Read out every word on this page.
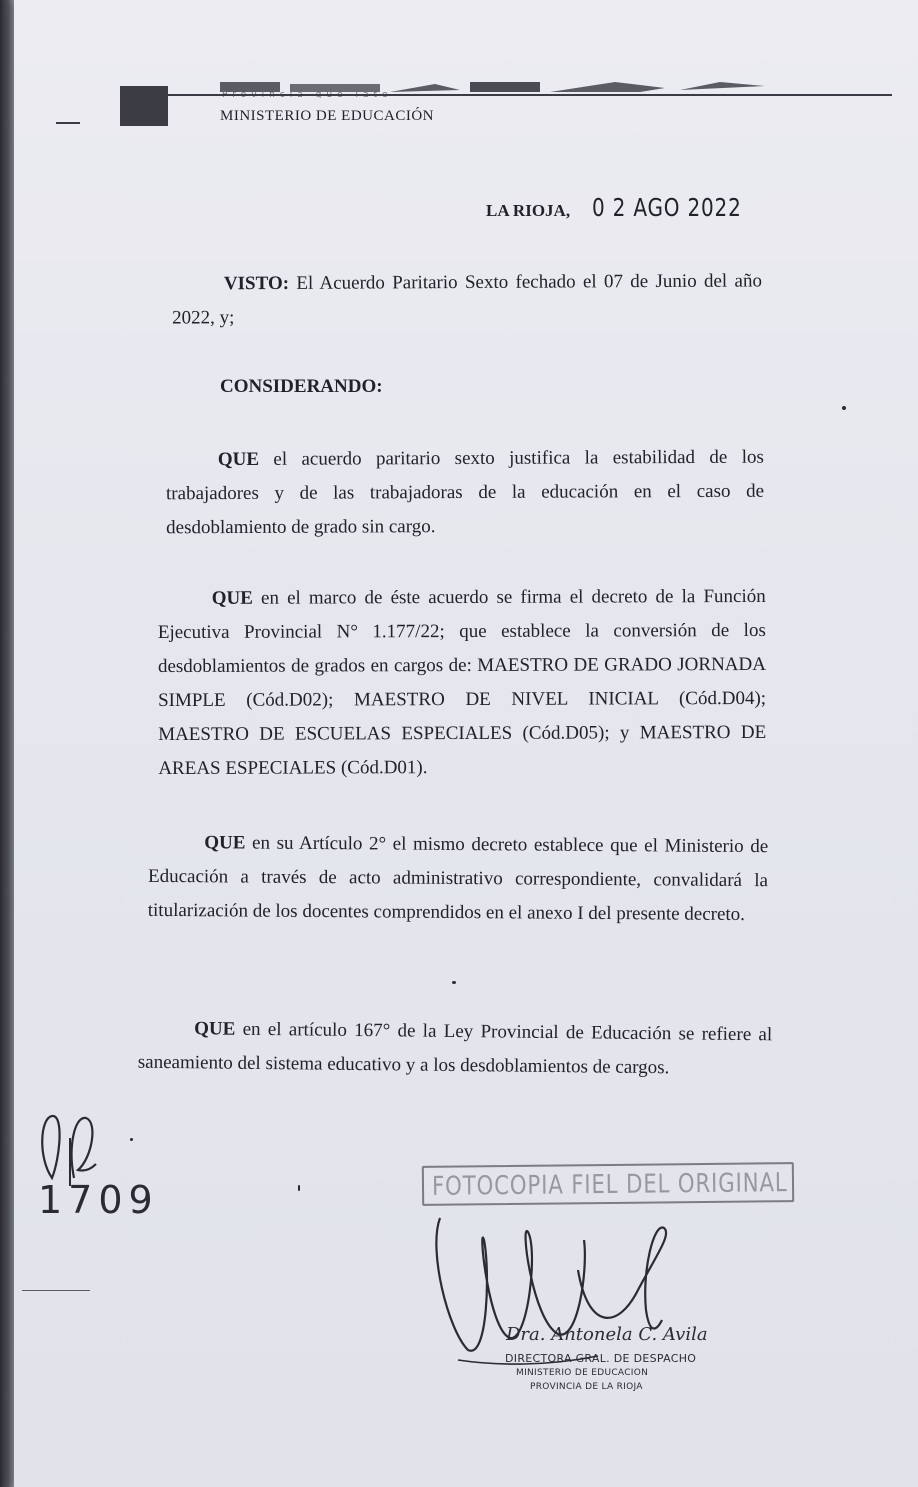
MINISTERIO DE EDUCACIÓN
LA RIOJA, 0 2 AGO 2022
VISTO: El Acuerdo Paritario Sexto fechado el 07 de Junio del año 2022, y;
CONSIDERANDO:
QUE el acuerdo paritario sexto justifica la estabilidad de los trabajadores y de las trabajadoras de la educación en el caso de desdoblamiento de grado sin cargo.
QUE en el marco de éste acuerdo se firma el decreto de la Función Ejecutiva Provincial N° 1.177/22; que establece la conversión de los desdoblamientos de grados en cargos de: MAESTRO DE GRADO JORNADA SIMPLE (Cód.D02); MAESTRO DE NIVEL INICIAL (Cód.D04); MAESTRO DE ESCUELAS ESPECIALES (Cód.D05); y MAESTRO DE AREAS ESPECIALES (Cód.D01).
QUE en su Artículo 2° el mismo decreto establece que el Ministerio de Educación a través de acto administrativo correspondiente, convalidará la titularización de los docentes comprendidos en el anexo I del presente decreto.
QUE en el artículo 167° de la Ley Provincial de Educación se refiere al saneamiento del sistema educativo y a los desdoblamientos de cargos.
1709	FOTOCOPIA FIEL DEL ORIGINAL
Dra. Antonela C. Avila
DIRECTORA GRAL. DE DESPACHO
MINISTERIO DE EDUCACION
PROVINCIA DE LA RIOJA
